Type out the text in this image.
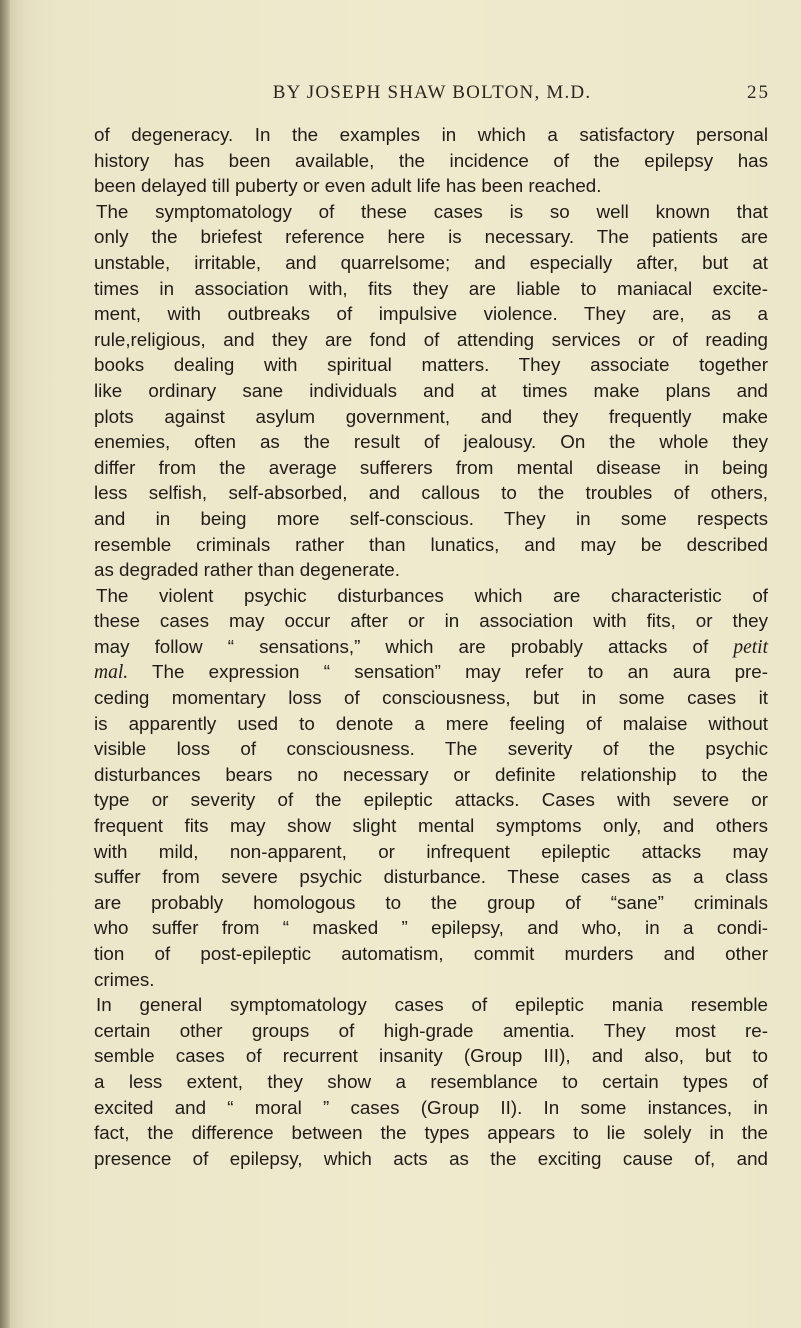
BY JOSEPH SHAW BOLTON, M.D.	25
of degeneracy. In the examples in which a satisfactory personal
history has been available, the incidence of the epilepsy has
been delayed till puberty or even adult life has been reached.
The symptomatology of these cases is so well known that
only the briefest reference here is necessary. The patients are
unstable, irritable, and quarrelsome; and especially after, but at
times in association with, fits they are liable to maniacal excite-
ment, with outbreaks of impulsive violence. They are, as a
rule,religious, and they are fond of attending services or of reading
books dealing with spiritual matters. They associate together
like ordinary sane individuals and at times make plans and
plots against asylum government, and they frequently make
enemies, often as the result of jealousy. On the whole they
differ from the average sufferers from mental disease in being
less selfish, self-absorbed, and callous to the troubles of others,
and in being more self-conscious. They in some respects
resemble criminals rather than lunatics, and may be described
as degraded rather than degenerate.
The violent psychic disturbances which are characteristic of
these cases may occur after or in association with fits, or they
may follow “ sensations,” which are probably attacks of petit
mal. The expression “ sensation” may refer to an aura pre-
ceding momentary loss of consciousness, but in some cases it
is apparently used to denote a mere feeling of malaise without
visible loss of consciousness. The severity of the psychic
disturbances bears no necessary or definite relationship to the
type or severity of the epileptic attacks. Cases with severe or
frequent fits may show slight mental symptoms only, and others
with mild, non-apparent, or infrequent epileptic attacks may
suffer from severe psychic disturbance. These cases as a class
are probably homologous to the group of “sane” criminals
who suffer from “ masked ” epilepsy, and who, in a condi-
tion of post-epileptic automatism, commit murders and other
crimes.
In general symptomatology cases of epileptic mania resemble
certain other groups of high-grade amentia. They most re-
semble cases of recurrent insanity (Group III), and also, but to
a less extent, they show a resemblance to certain types of
excited and “ moral ” cases (Group II). In some instances, in
fact, the difference between the types appears to lie solely in the
presence of epilepsy, which acts as the exciting cause of, and
